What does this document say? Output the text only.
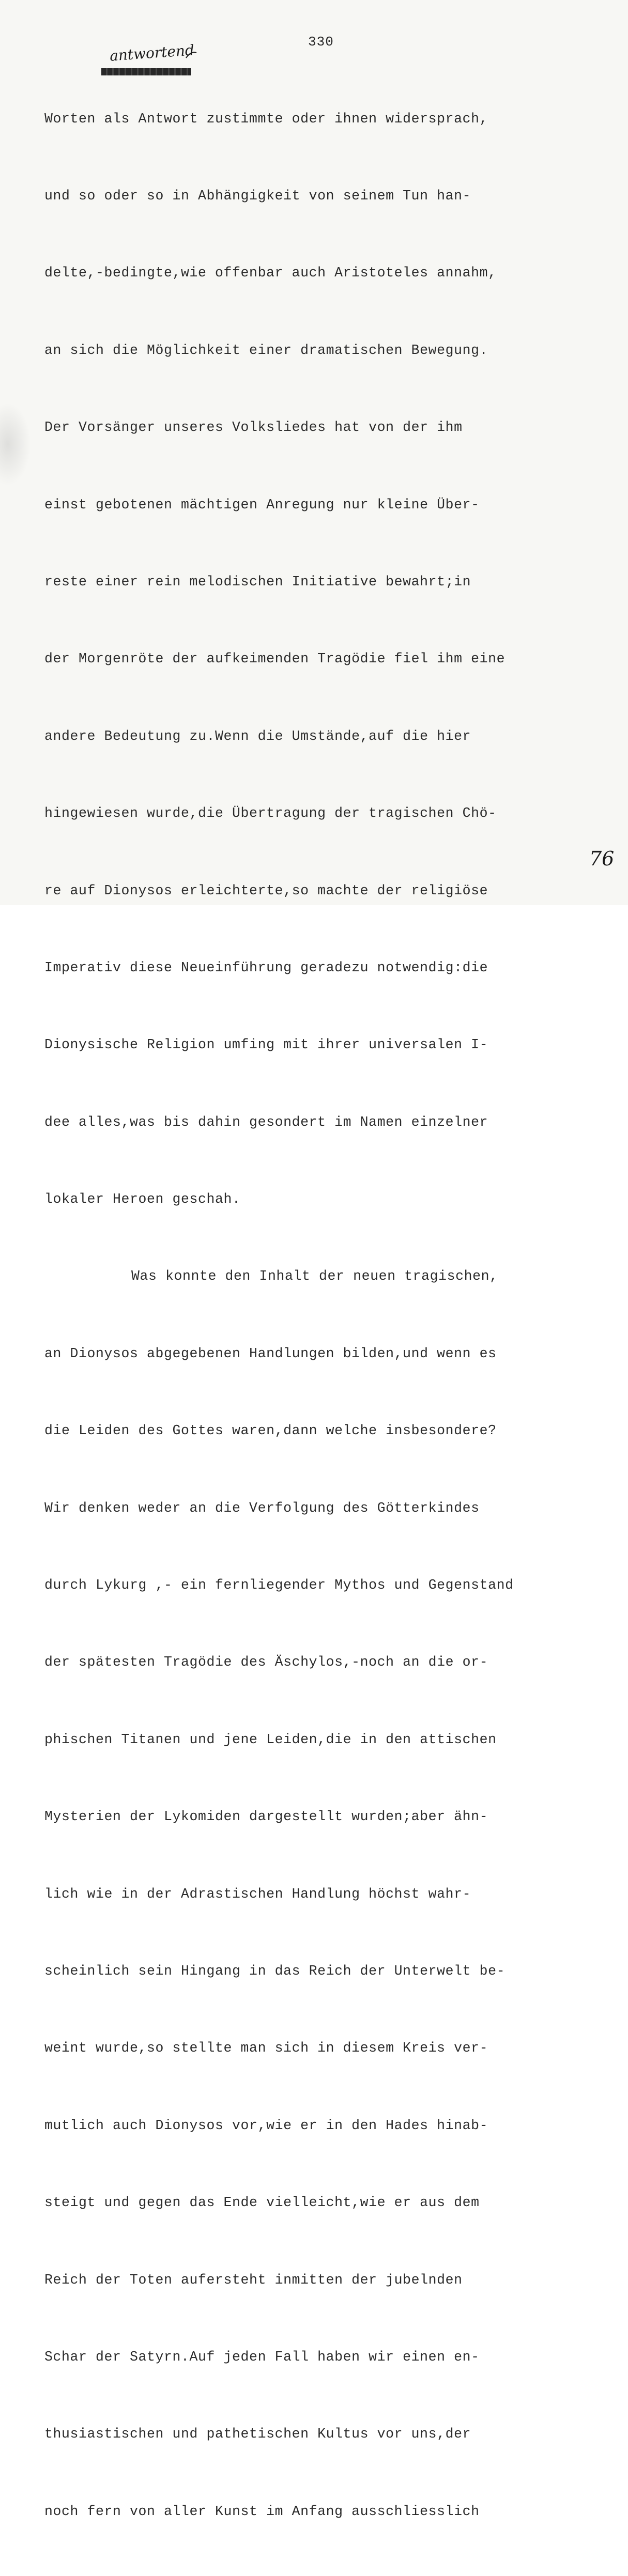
330
antwortend

Worten als Antwort zustimmte oder ihnen widersprach,

und so oder so in Abhängigkeit von seinem Tun han-

delte,-bedingte,wie offenbar auch Aristoteles annahm,

an sich die Möglichkeit einer dramatischen Bewegung.

Der Vorsänger unseres Volksliedes hat von der ihm

einst gebotenen mächtigen Anregung nur kleine Über-

reste einer rein melodischen Initiative bewahrt;in

der Morgenröte der aufkeimenden Tragödie fiel ihm eine

andere Bedeutung zu.Wenn die Umstände,auf die hier

hingewiesen wurde,die Übertragung der tragischen Chö-

re auf Dionysos erleichterte,so machte der religiöse

Imperativ diese Neueinführung geradezu notwendig:die

Dionysische Religion umfing mit ihrer universalen I-

dee alles,was bis dahin gesondert im Namen einzelner

lokaler Heroen geschah.

Was konnte den Inhalt der neuen tragischen,

an Dionysos abgegebenen Handlungen bilden,und wenn es

die Leiden des Gottes waren,dann welche insbesondere?

Wir denken weder an die Verfolgung des Götterkindes

durch Lykurg ,- ein fernliegender Mythos und Gegenstand

der spätesten Tragödie des Äschylos,-noch an die or-

phischen Titanen und jene Leiden,die in den attischen

Mysterien der Lykomiden dargestellt wurden;aber ähn-

lich wie in der Adrastischen Handlung höchst wahr-

scheinlich sein Hingang in das Reich der Unterwelt be-

weint wurde,so stellte man sich in diesem Kreis ver-

mutlich auch Dionysos vor,wie er in den Hades hinab-

steigt und gegen das Ende vielleicht,wie er aus dem

Reich der Toten aufersteht inmitten der jubelnden

Schar der Satyrn.Auf jeden Fall haben wir einen en-

thusiastischen und pathetischen Kultus vor uns,der

noch fern von aller Kunst im Anfang ausschliesslich

76
